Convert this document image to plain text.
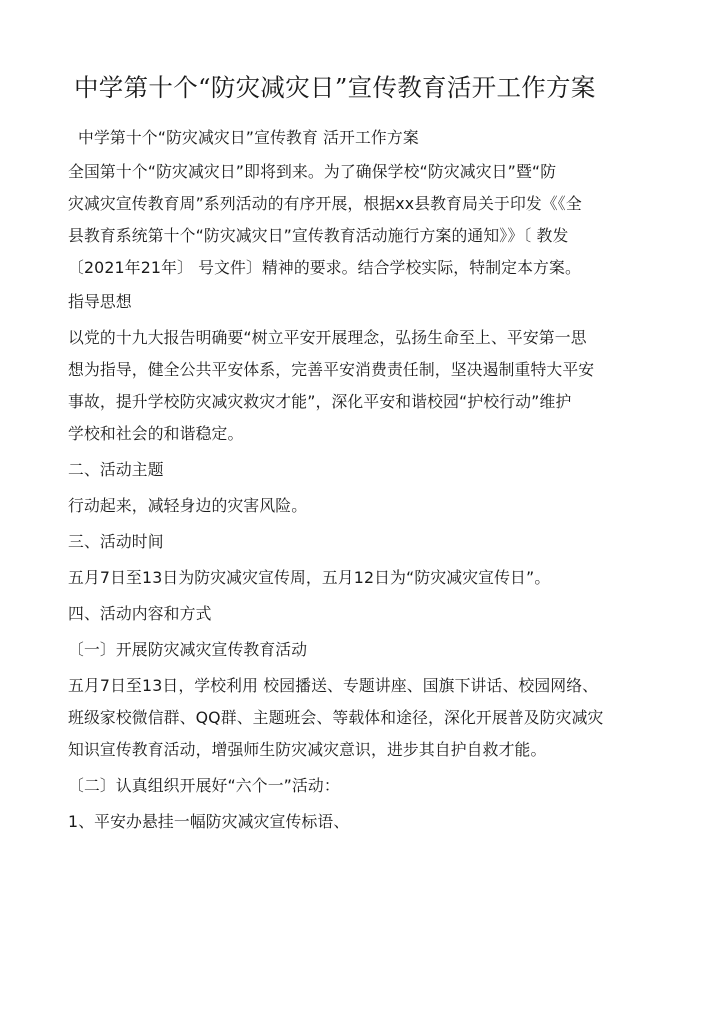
中学第十个“防灾减灾日”宣传教育活开工作方案

中学第十个“防灾减灾日”宣传教育 活开工作方案

全国第十个“防灾减灾日”即将到来。为了确保学校“防灾减灾日”暨“防
灾减灾宣传教育周”系列活动的有序开展，根据xx县教育局关于印发《《全
县教育系统第十个“防灾减灾日”宣传教育活动施行方案的通知》》〔 教发
〔2021年21年〕 号文件〕精神的要求。结合学校实际，特制定本方案。

指导思想

以党的十九大报告明确要“树立平安开展理念，弘扬生命至上、平安第一思
想为指导，健全公共平安体系，完善平安消费责任制，坚决遏制重特大平安
事故，提升学校防灾减灾救灾才能”，深化平安和谐校园“护校行动”维护
学校和社会的和谐稳定。

二、活动主题

行动起来，减轻身边的灾害风险。

三、活动时间

五月7日至13日为防灾减灾宣传周，五月12日为“防灾减灾宣传日”。

四、活动内容和方式

〔一〕开展防灾减灾宣传教育活动

五月7日至13日，学校利用 校园播送、专题讲座、国旗下讲话、校园网络、
班级家校微信群、QQ群、主题班会、等载体和途径，深化开展普及防灾减灾
知识宣传教育活动，增强师生防灾减灾意识，进步其自护自救才能。

〔二〕认真组织开展好“六个一”活动：

1、平安办悬挂一幅防灾减灾宣传标语、
